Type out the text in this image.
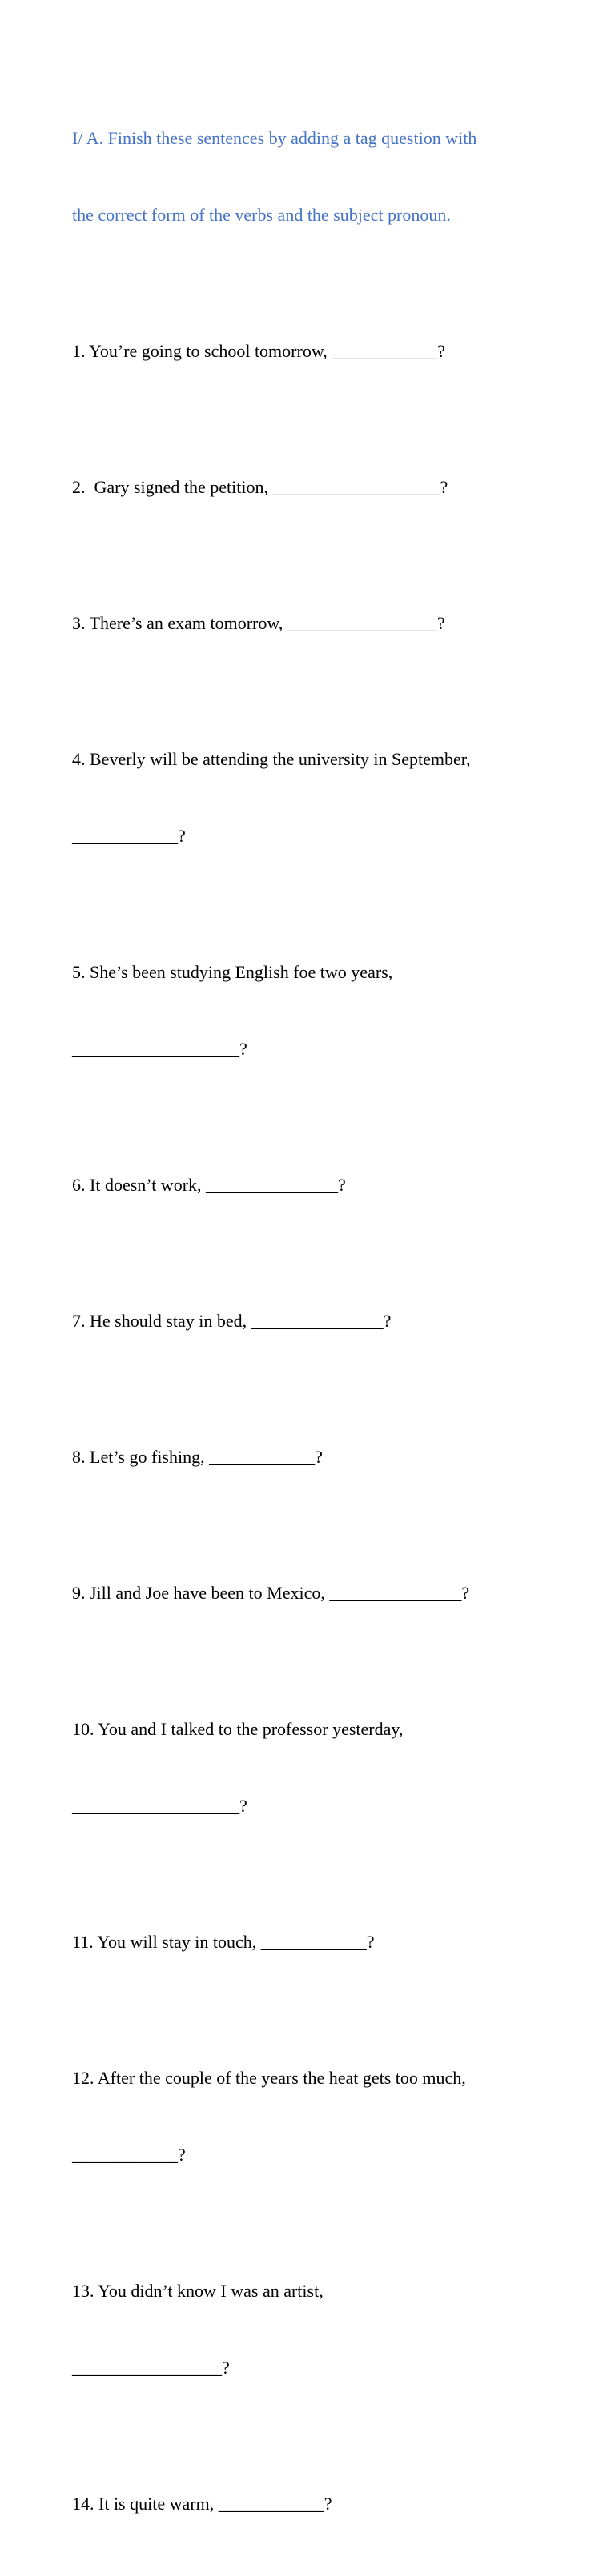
I/ A. Finish these sentences by adding a tag question with

the correct form of the verbs and the subject pronoun.

1. You’re going to school tomorrow, ____________?

2.  Gary signed the petition, ___________________?

3. There’s an exam tomorrow, _________________?

4. Beverly will be attending the university in September,

____________?

5. She’s been studying English foe two years,

___________________?

6. It doesn’t work, _______________?

7. He should stay in bed, _______________?

8. Let’s go fishing, ____________?

9. Jill and Joe have been to Mexico, _______________?

10. You and I talked to the professor yesterday,

___________________?

11. You will stay in touch, ____________?

12. After the couple of the years the heat gets too much,

____________?

13. You didn’t know I was an artist,

_________________?

14. It is quite warm, ____________?
